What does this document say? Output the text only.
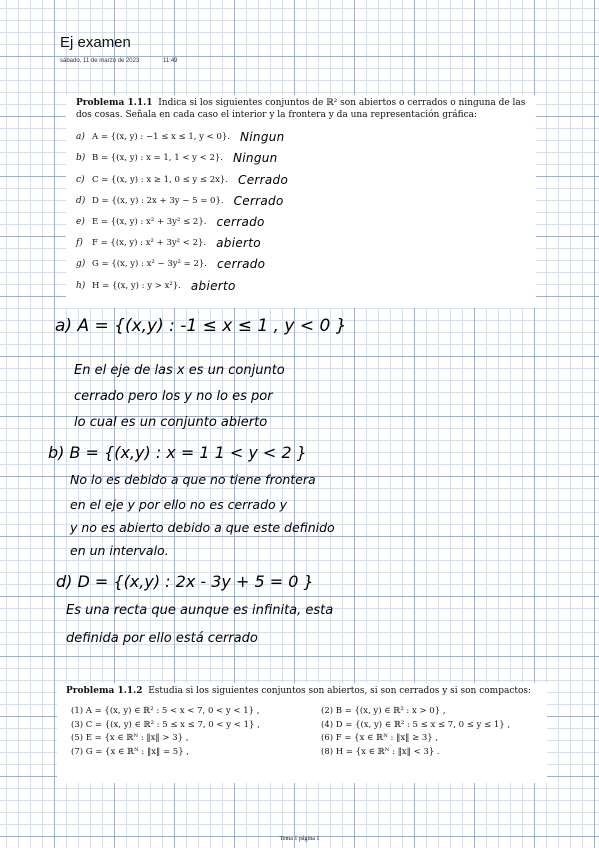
Ej examen
sábado, 11 de marzo de 2023	11:49
Problema 1.1.1 Indica si los siguientes conjuntos de ℝ² son abiertos o cerrados o ninguna de las dos cosas. Señala en cada caso el interior y la frontera y da una representación gráfica:
a) A = {(x, y) : −1 ≤ x ≤ 1, y < 0}. Ningun
b) B = {(x, y) : x = 1, 1 < y < 2}. Ningun
c) C = {(x, y) : x ≥ 1, 0 ≤ y ≤ 2x}. Cerrado
d) D = {(x, y) : 2x + 3y − 5 = 0}. Cerrado
e) E = {(x, y) : x² + 3y² ≤ 2}. cerrado
f)	F = {(x, y) : x² + 3y² < 2}. abierto
g) G = {(x, y) : x² − 3y² = 2}. cerrado
h) H = {(x, y) : y > x²}. abierto
a) A = {(x,y) : -1 ≤ x ≤ 1 , y < 0 }
En el eje de las x es un conjunto
cerrado pero los y no lo es por
lo cual es un conjunto abierto
b) B = {(x,y) : x = 1 1 < y < 2 }
No lo es debido a que no tiene frontera
en el eje y por ello no es cerrado y
y no es abierto debido a que este definido
en un intervalo.
d) D = {(x,y) : 2x - 3y + 5 = 0 }
Es una recta que aunque es infinita, esta
definida por ello está cerrado
Problema 1.1.2 Estudia si los siguientes conjuntos son abiertos, si son cerrados y si son compactos:
(1) A = {(x, y) ∈ ℝ² : 5 < x < 7, 0 < y < 1} ,	(2) B = {(x, y) ∈ ℝ² : x > 0} ,
(3) C = {(x, y) ∈ ℝ² : 5 ≤ x ≤ 7, 0 < y < 1} ,	(4) D = {(x, y) ∈ ℝ² : 5 ≤ x ≤ 7, 0 ≤ y ≤ 1} ,
(5) E = {x ∈ ℝᴺ : ‖x‖ > 3} ,	(6) F = {x ∈ ℝᴺ : ‖x‖ ≥ 3} ,
(7) G = {x ∈ ℝᴺ : ‖x‖ = 5} ,	(8) H = {x ∈ ℝᴺ : ‖x‖ < 3} .
Tema 1 página 1
